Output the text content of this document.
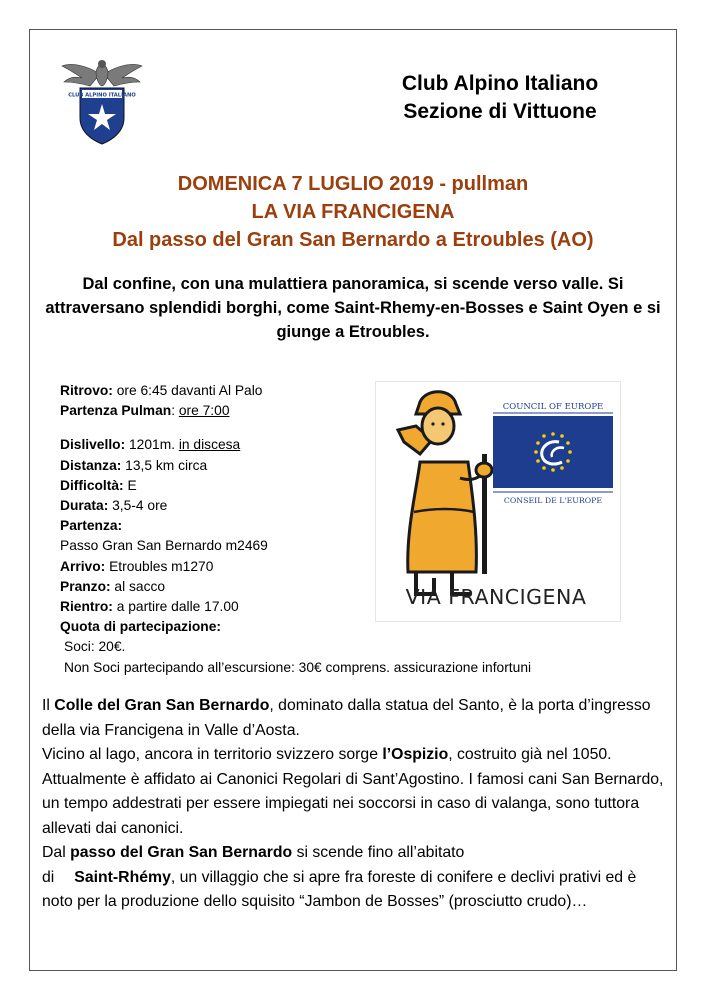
CLUB ALPINO ITALIANO
Club Alpino Italiano
Sezione di Vittuone
DOMENICA 7 LUGLIO 2019 - pullman
LA VIA FRANCIGENA
Dal passo del Gran San Bernardo a Etroubles (AO)
Dal confine, con una mulattiera panoramica, si scende verso valle. Si attraversano splendidi borghi, come Saint-Rhemy-en-Bosses e Saint Oyen e si giunge a Etroubles.
Ritrovo: ore 6:45 davanti Al Palo
Partenza Pulman: ore 7:00
Dislivello: 1201m. in discesa
Distanza: 13,5 km circa
Difficoltà: E
Durata: 3,5-4 ore
Partenza:
Passo Gran San Bernardo m2469
Arrivo: Etroubles m1270
Pranzo: al sacco
Rientro: a partire dalle 17.00
Quota di partecipazione:
Soci: 20€.
Non Soci partecipando all’escursione: 30€ comprens. assicurazione infortuni
COUNCIL OF EUROPE
CONSEIL DE L'EUROPE
VIA FRANCIGENA

Il Colle del Gran San Bernardo, dominato dalla statua del Santo, è la porta d’ingresso della via Francigena in Valle d’Aosta.

Vicino al lago, ancora in territorio svizzero sorge l’Ospizio, costruito già nel 1050. Attualmente è affidato ai Canonici Regolari di Sant’Agostino. I famosi cani San Bernardo, un tempo addestrati per essere impiegati nei soccorsi in caso di valanga, sono tuttora allevati dai canonici.

Dal passo del Gran San Bernardo si scende fino all’abitato

di Saint-Rhémy, un villaggio che si apre fra foreste di conifere e declivi prativi ed è noto per la produzione dello squisito “Jambon de Bosses” (prosciutto crudo)…
